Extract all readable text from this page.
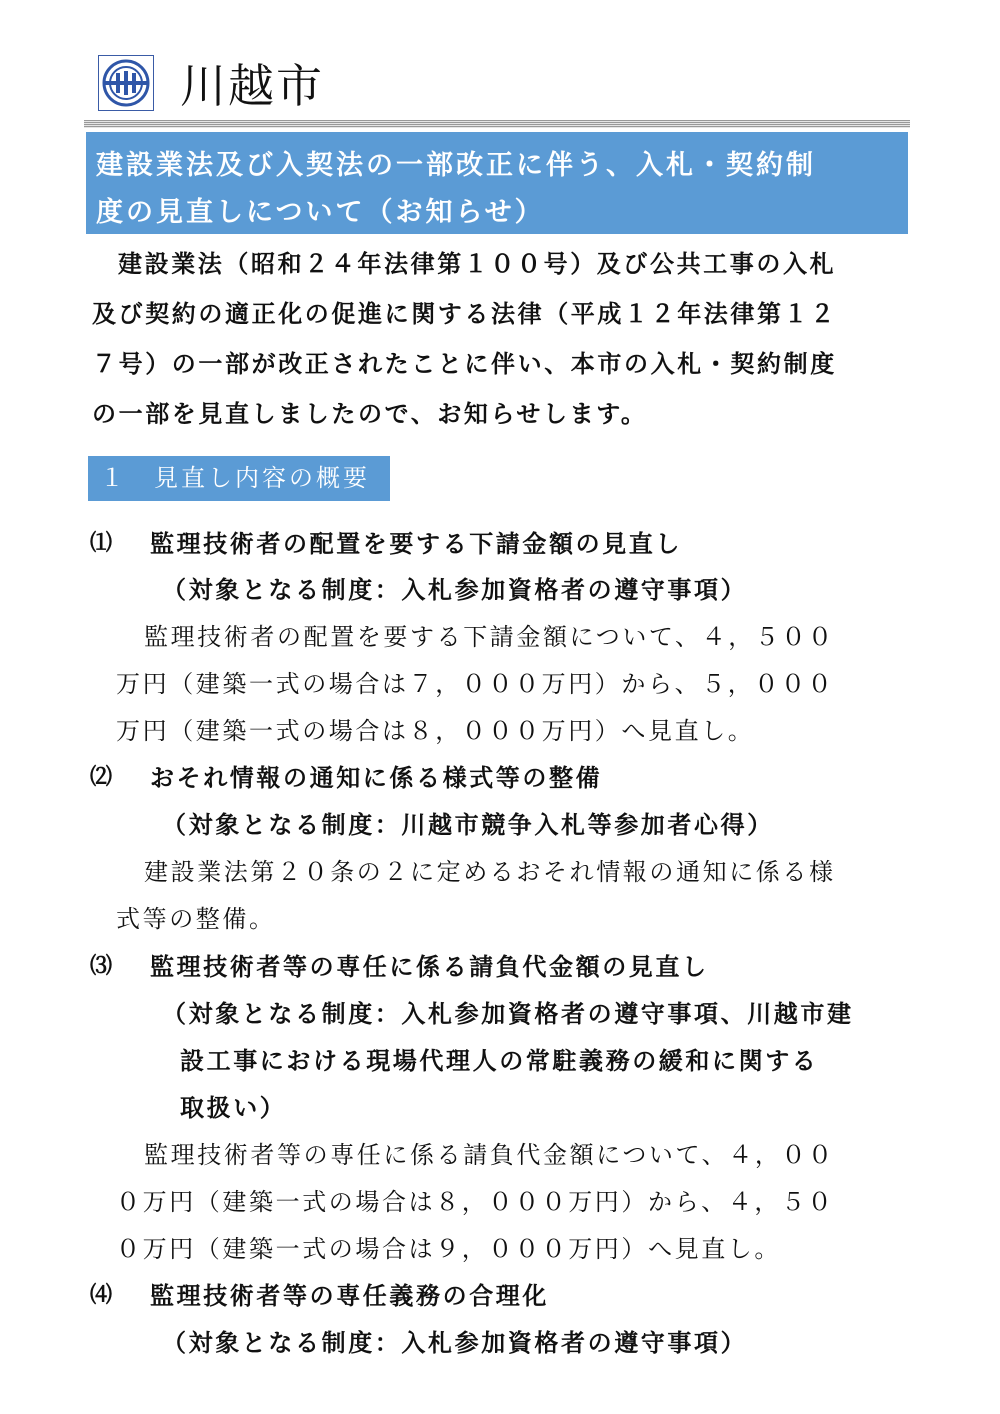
川越市
建設業法及び入契法の一部改正に伴う、入札・契約制
度の見直しについて（お知らせ）
建設業法（昭和２４年法律第１００号）及び公共工事の入札
及び契約の適正化の促進に関する法律（平成１２年法律第１２
７号）の一部が改正されたことに伴い、本市の入札・契約制度
の一部を見直しましたので、お知らせします。
１　見直し内容の概要
⑴ 監理技術者の配置を要する下請金額の見直し
（対象となる制度：入札参加資格者の遵守事項）
監理技術者の配置を要する下請金額について、４，５００
万円（建築一式の場合は７，０００万円）から、５，０００
万円（建築一式の場合は８，０００万円）へ見直し。
⑵ おそれ情報の通知に係る様式等の整備
（対象となる制度：川越市競争入札等参加者心得）
建設業法第２０条の２に定めるおそれ情報の通知に係る様
式等の整備。
⑶ 監理技術者等の専任に係る請負代金額の見直し
（対象となる制度：入札参加資格者の遵守事項、川越市建
設工事における現場代理人の常駐義務の緩和に関する
取扱い）
監理技術者等の専任に係る請負代金額について、４，００
０万円（建築一式の場合は８，０００万円）から、４，５０
０万円（建築一式の場合は９，０００万円）へ見直し。
⑷ 監理技術者等の専任義務の合理化
（対象となる制度：入札参加資格者の遵守事項）
